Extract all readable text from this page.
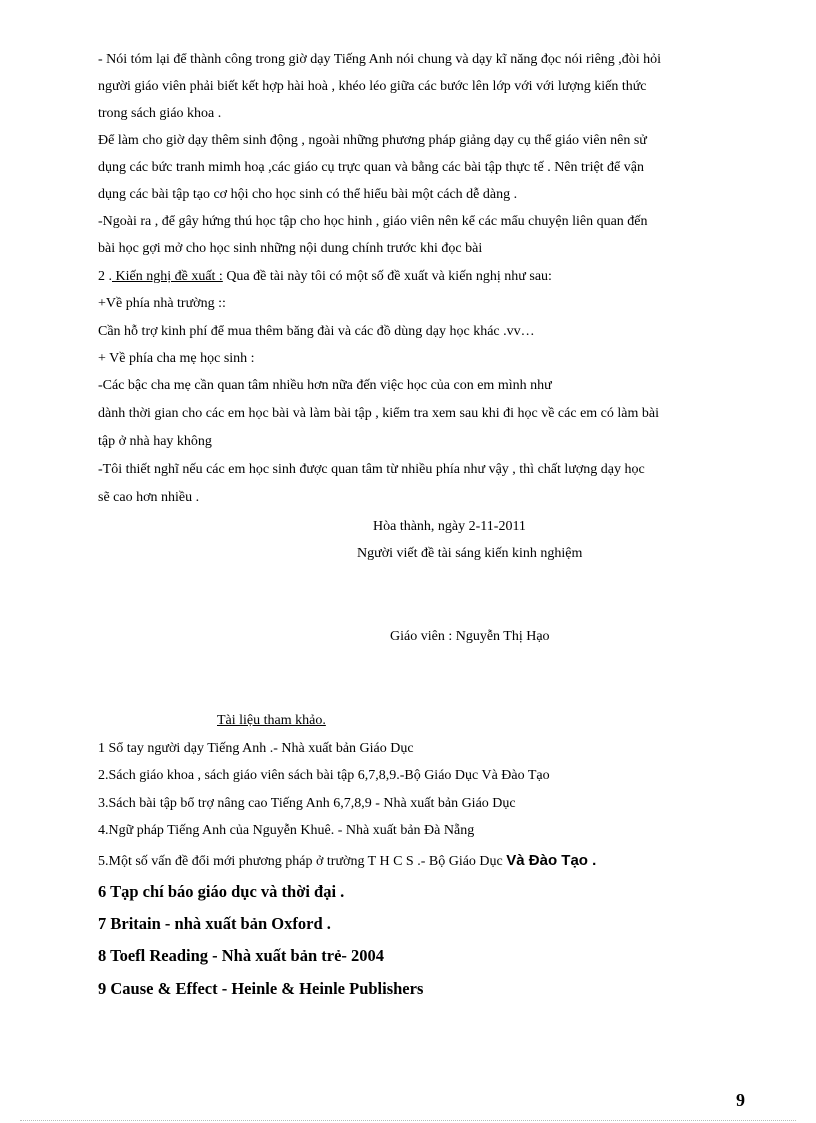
- Nói tóm lại để thành công trong giờ dạy Tiếng Anh nói chung và dạy kĩ năng đọc nói riêng ,đòi hỏi
người giáo viên phải biết kết hợp hài hoà , khéo léo giữa các bước lên lớp với với lượng kiến thức
trong sách giáo khoa .
Để làm cho giờ dạy thêm sinh động , ngoài những phương pháp giảng dạy cụ thể giáo viên nên sử
dụng các bức tranh mimh hoạ ,các giáo cụ trực quan và bằng các bài tập thực tế . Nên triệt để vận
dụng các bài tập tạo cơ hội cho học sinh có thể hiểu bài một cách dễ dàng .
-Ngoài ra , để gây hứng thú học tập cho học hinh , giáo viên nên kể các mẩu chuyện liên quan đến
bài học gợi mở cho học sinh những nội dung chính trước khi đọc bài
2 . Kiến nghị đề xuất : Qua đề tài này tôi có một số đề xuất và kiến nghị như sau:
+Về phía nhà trường ::
Cần hỗ trợ kinh phí để mua thêm băng đài và các đồ dùng dạy học khác .vv…
+ Về phía cha mẹ học sinh :
-Các bậc cha mẹ cần quan tâm nhiều hơn nữa đến việc học của con em mình như
dành thời gian cho các em học bài và làm bài tập , kiểm tra xem sau khi đi học về các em có làm bài
tập ở nhà hay không
-Tôi thiết nghĩ nếu các em học sinh được quan tâm từ nhiều phía như vậy , thì chất lượng dạy học
sẽ cao hơn nhiều .
Hòa thành, ngày 2-11-2011
Người viết đề tài sáng kiến kinh nghiệm
Giáo viên : Nguyễn Thị Hạo
Tài liệu tham khảo.
1 Sổ tay người dạy Tiếng Anh .- Nhà xuất bản Giáo Dục
2.Sách giáo khoa , sách giáo viên sách bài tập 6,7,8,9.-Bộ Giáo Dục Và Đào Tạo
3.Sách bài tập bổ trợ nâng cao Tiếng Anh 6,7,8,9 - Nhà xuất bản Giáo Dục
4.Ngữ pháp Tiếng Anh của Nguyễn Khuê. - Nhà xuất bản Đà Nẵng
5.Một số vấn đề đổi mới phương pháp ở trường T H C S .- Bộ Giáo Dục Và Đào Tạo .
6 Tạp chí báo giáo dục và thời đại .
7 Britain - nhà xuất bản Oxford .
8 Toefl Reading - Nhà xuất bản trẻ- 2004
9 Cause & Effect - Heinle & Heinle Publishers
9
